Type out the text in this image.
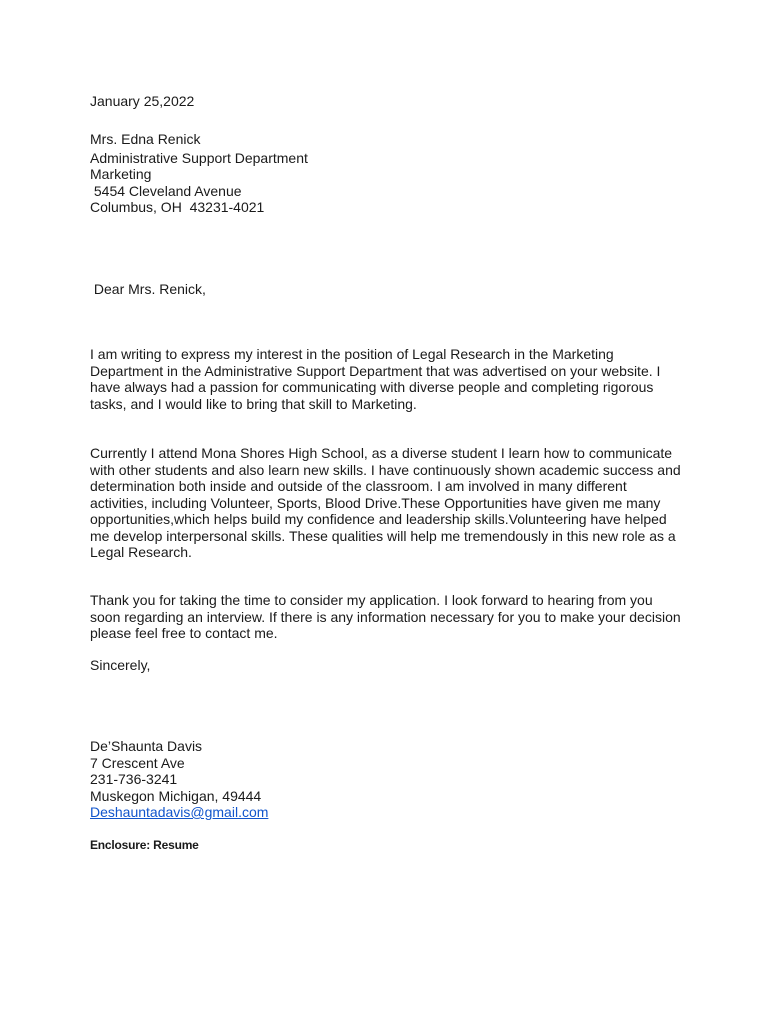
January 25,2022

Mrs. Edna Renick

Administrative Support Department

Marketing

5454 Cleveland Avenue

Columbus, OH  43231-4021

Dear Mrs. Renick,

I am writing to express my interest in the position of Legal Research in the Marketing
Department in the Administrative Support Department that was advertised on your website. I
have always had a passion for communicating with diverse people and completing rigorous
tasks, and I would like to bring that skill to Marketing.
Currently I attend Mona Shores High School, as a diverse student I learn how to communicate
with other students and also learn new skills. I have continuously shown academic success and
determination both inside and outside of the classroom. I am involved in many different
activities, including Volunteer, Sports, Blood Drive.These Opportunities have given me many
opportunities,which helps build my confidence and leadership skills.Volunteering have helped
me develop interpersonal skills. These qualities will help me tremendously in this new role as a
Legal Research.
Thank you for taking the time to consider my application. I look forward to hearing from you
soon regarding an interview. If there is any information necessary for you to make your decision
please feel free to contact me.

Sincerely,

De’Shaunta Davis

7 Crescent Ave

231-736-3241

Muskegon Michigan, 49444

Deshauntadavis@gmail.com

Enclosure: Resume
